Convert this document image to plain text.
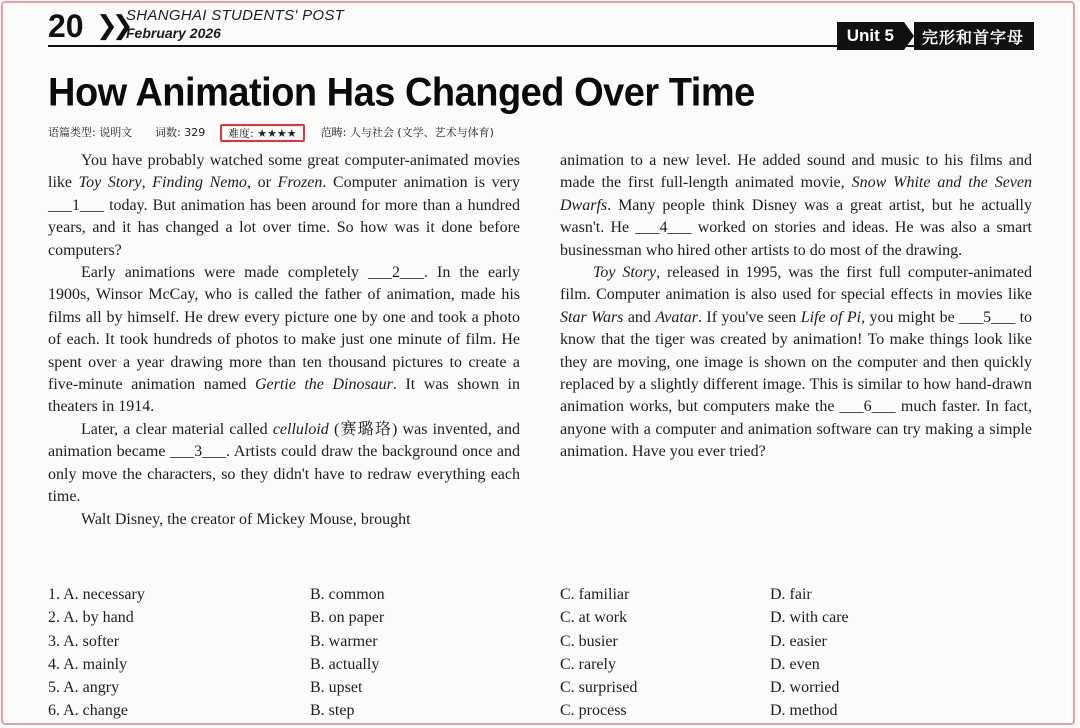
20 ❯❯
SHANGHAI STUDENTS' POST
February 2026	Unit 5	完形和首字母
How Animation Has Changed Over Time
语篇类型: 说明文	词数: 329	难度: ★★★★	范畴: 人与社会 (文学、艺术与体育)

You have probably watched some great computer-animated movies like Toy Story, Finding Nemo, or Frozen. Computer animation is very ___1___ today. But animation has been around for more than a hundred years, and it has changed a lot over time. So how was it done before computers?

Early animations were made completely ___2___. In the early 1900s, Winsor McCay, who is called the father of animation, made his films all by himself. He drew every picture one by one and took a photo of each. It took hundreds of photos to make just one minute of film. He spent over a year drawing more than ten thousand pictures to create a five-minute animation named Gertie the Dinosaur. It was shown in theaters in 1914.

Later, a clear material called celluloid (赛璐珞) was invented, and animation became ___3___. Artists could draw the background once and only move the characters, so they didn't have to redraw everything each time.

Walt Disney, the creator of Mickey Mouse, brought

animation to a new level. He added sound and music to his films and made the first full-length animated movie, Snow White and the Seven Dwarfs. Many people think Disney was a great artist, but he actually wasn't. He ___4___ worked on stories and ideas. He was also a smart businessman who hired other artists to do most of the drawing.

Toy Story, released in 1995, was the first full computer-animated film. Computer animation is also used for special effects in movies like Star Wars and Avatar. If you've seen Life of Pi, you might be ___5___ to know that the tiger was created by animation! To make things look like they are moving, one image is shown on the computer and then quickly replaced by a slightly different image. This is similar to how hand-drawn animation works, but computers make the ___6___ much faster. In fact, anyone with a computer and animation software can try making a simple animation. Have you ever tried?

1. A. necessary	B. common	C. familiar	D. fair
2. A. by hand	B. on paper	C. at work	D. with care
3. A. softer	B. warmer	C. busier	D. easier
4. A. mainly	B. actually	C. rarely	D. even
5. A. angry	B. upset	C. surprised	D. worried
6. A. change	B. step	C. process	D. method
